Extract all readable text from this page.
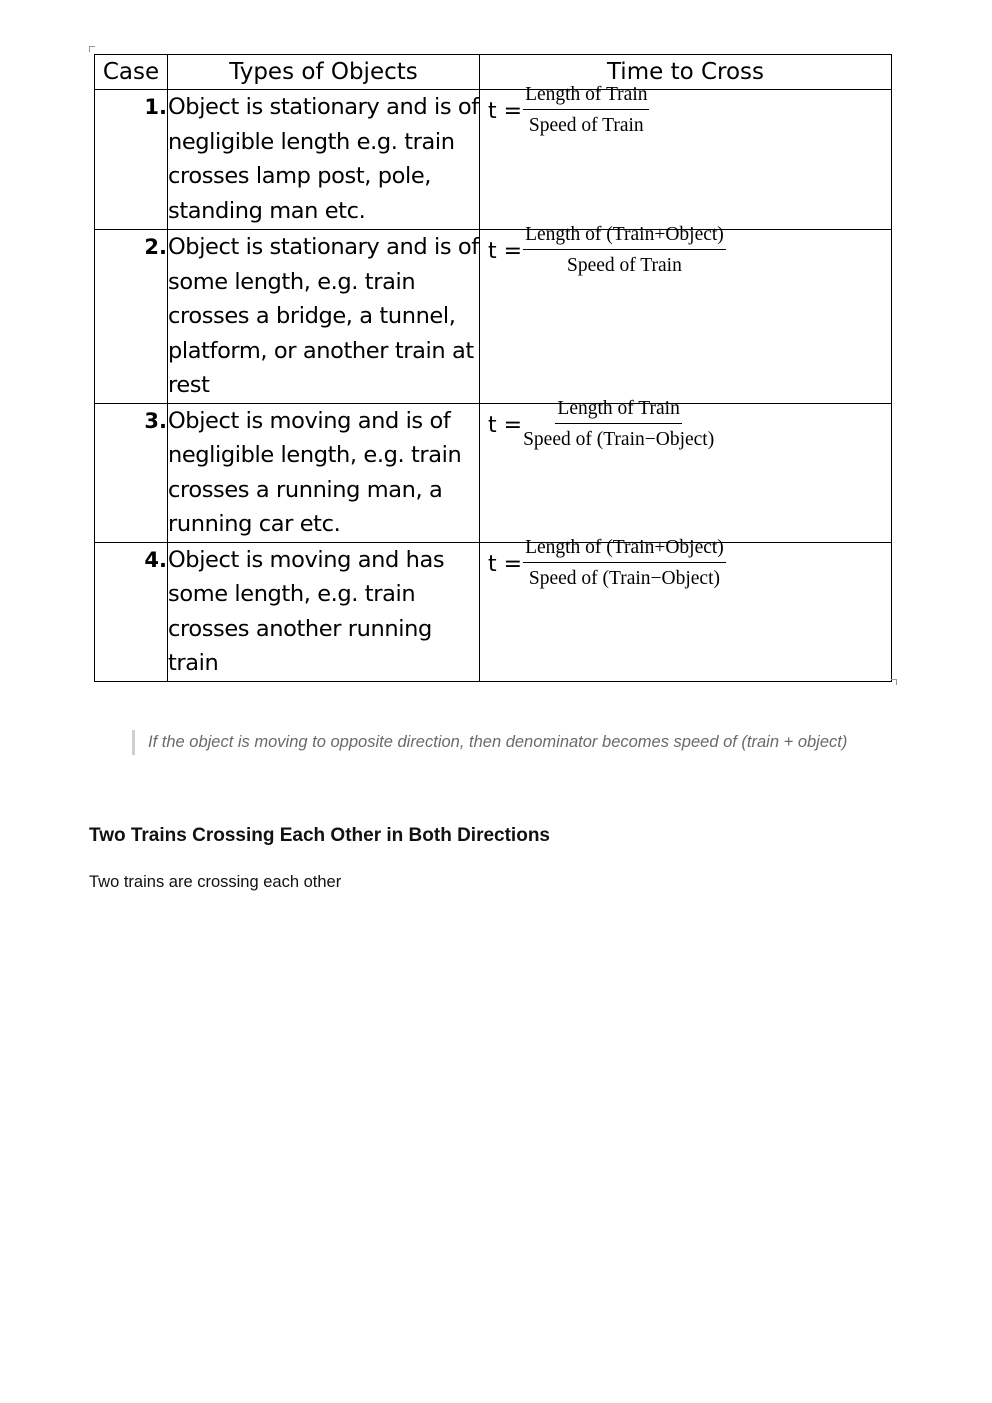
Case	Types of Objects	Time to Cross
1.	Object is stationary and is of negligible length e.g. train crosses lamp post, pole, standing man etc.	$t = \frac{\text{Length of Train}}{\text{Speed of Train}}$

2.	Object is stationary and is of some length, e.g. train crosses a bridge, a tunnel, platform, or another train at rest	$t = \frac{\text{Length of (Train+Object)}}{\text{Speed of Train}}$

3.	Object is moving and is of negligible length, e.g. train crosses a running man, a running car etc.	$t = \frac{\text{Length of Train}}{\text{Speed of (Train−Object)}}$

4.	Object is moving and has some length, e.g. train crosses another running train	$t = \frac{\text{Length of (Train+Object)}}{\text{Speed of (Train−Object)}}$
If the object is moving to opposite direction, then denominator becomes speed of (train + object)
Two Trains Crossing Each Other in Both Directions

Two trains are crossing each other
